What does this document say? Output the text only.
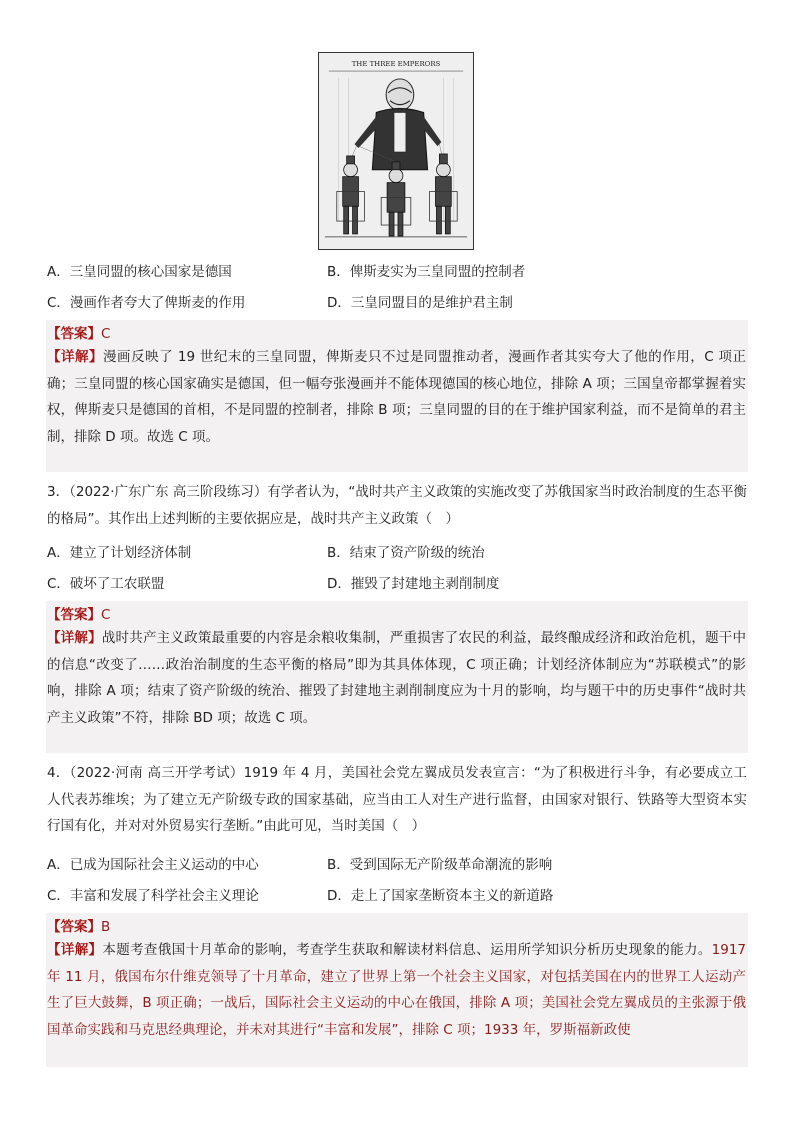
THE THREE EMPERORS
A．三皇同盟的核心国家是德国	B．俾斯麦实为三皇同盟的控制者
C．漫画作者夸大了俾斯麦的作用	D．三皇同盟目的是维护君主制
【答案】C
【详解】漫画反映了 19 世纪末的三皇同盟，俾斯麦只不过是同盟推动者，漫画作者其实夸大了他的作用，C 项正确；三皇同盟的核心国家确实是德国，但一幅夸张漫画并不能体现德国的核心地位，排除 A 项；三国皇帝都掌握着实权，俾斯麦只是德国的首相，不是同盟的控制者，排除 B 项；三皇同盟的目的在于维护国家利益，而不是简单的君主制，排除 D 项。故选 C 项。
3．（2022·广东广东 高三阶段练习）有学者认为，“战时共产主义政策的实施改变了苏俄国家当时政治制度的生态平衡的格局”。其作出上述判断的主要依据应是，战时共产主义政策（　）
A．建立了计划经济体制	B．结束了资产阶级的统治
C．破坏了工农联盟	D．摧毁了封建地主剥削制度
【答案】C
【详解】战时共产主义政策最重要的内容是余粮收集制，严重损害了农民的利益，最终酿成经济和政治危机，题干中的信息“改变了……政治治制度的生态平衡的格局”即为其具体体现，C 项正确；计划经济体制应为“苏联模式”的影响，排除 A 项；结束了资产阶级的统治、摧毁了封建地主剥削制度应为十月的影响，均与题干中的历史事件“战时共产主义政策”不符，排除 BD 项；故选 C 项。
4．（2022·河南 高三开学考试）1919 年 4 月，美国社会党左翼成员发表宣言：“为了积极进行斗争，有必要成立工人代表苏维埃；为了建立无产阶级专政的国家基础，应当由工人对生产进行监督，由国家对银行、铁路等大型资本实行国有化，并对对外贸易实行垄断。”由此可见，当时美国（　）
A．已成为国际社会主义运动的中心	B．受到国际无产阶级革命潮流的影响
C．丰富和发展了科学社会主义理论	D．走上了国家垄断资本主义的新道路
【答案】B
【详解】本题考查俄国十月革命的影响，考查学生获取和解读材料信息、运用所学知识分析历史现象的能力。1917 年 11 月，俄国布尔什维克领导了十月革命，建立了世界上第一个社会主义国家，对包括美国在内的世界工人运动产生了巨大鼓舞，B 项正确；一战后，国际社会主义运动的中心在俄国，排除 A 项；美国社会党左翼成员的主张源于俄国革命实践和马克思经典理论，并未对其进行“丰富和发展”，排除 C 项；1933 年，罗斯福新政使
